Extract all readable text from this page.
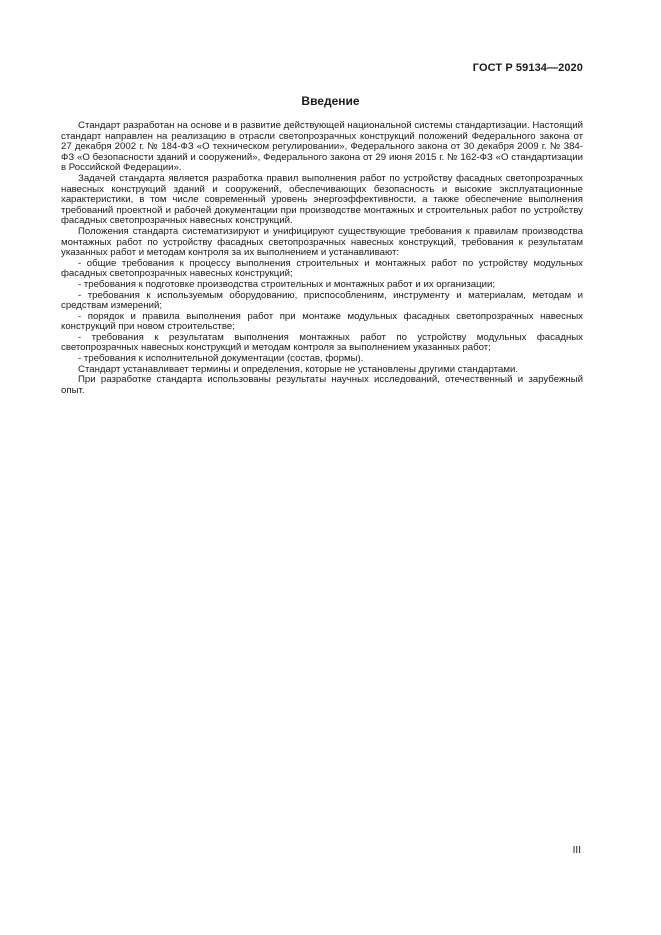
ГОСТ Р 59134—2020
Введение

Стандарт разработан на основе и в развитие действующей национальной системы стандартизации. Настоящий стандарт направлен на реализацию в отрасли светопрозрачных конструкций положений Федерального закона от 27 декабря 2002 г. № 184-ФЗ «О техническом регулировании», Федерального закона от 30 декабря 2009 г. № 384-ФЗ «О безопасности зданий и сооружений», Федерального закона от 29 июня 2015 г. № 162-ФЗ «О стандартизации в Российской Федерации».

Задачей стандарта является разработка правил выполнения работ по устройству фасадных светопрозрачных навесных конструкций зданий и сооружений, обеспечивающих безопасность и высокие эксплуатационные характеристики, в том числе современный уровень энергоэффективности, а также обеспечение выполнения требований проектной и рабочей документации при производстве монтажных и строительных работ по устройству фасадных светопрозрачных навесных конструкций.

Положения стандарта систематизируют и унифицируют существующие требования к правилам производства монтажных работ по устройству фасадных светопрозрачных навесных конструкций, требования к результатам указанных работ и методам контроля за их выполнением и устанавливают:

- общие требования к процессу выполнения строительных и монтажных работ по устройству модульных фасадных светопрозрачных навесных конструкций;

- требования к подготовке производства строительных и монтажных работ и их организации;

- требования к используемым оборудованию, приспособлениям, инструменту и материалам, методам и средствам измерений;

- порядок и правила выполнения работ при монтаже модульных фасадных светопрозрачных навесных конструкций при новом строительстве;

- требования к результатам выполнения монтажных работ по устройству модульных фасадных светопрозрачных навесных конструкций и методам контроля за выполнением указанных работ;

- требования к исполнительной документации (состав, формы).

Стандарт устанавливает термины и определения, которые не установлены другими стандартами.

При разработке стандарта использованы результаты научных исследований, отечественный и зарубежный опыт.

III
